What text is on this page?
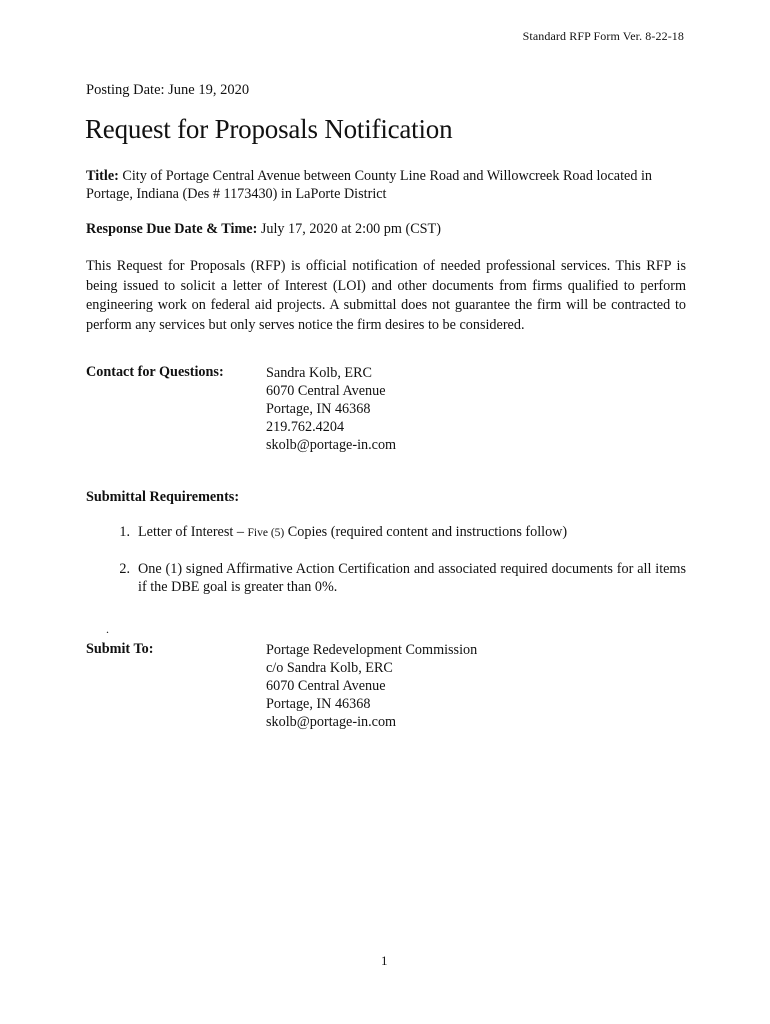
Standard RFP Form Ver. 8-22-18
Posting Date: June 19, 2020
Request for Proposals Notification
Title: City of Portage Central Avenue between County Line Road and Willowcreek Road located in Portage, Indiana (Des # 1173430) in LaPorte District
Response Due Date & Time: July 17, 2020 at 2:00 pm (CST)
This Request for Proposals (RFP) is official notification of needed professional services. This RFP is being issued to solicit a letter of Interest (LOI) and other documents from firms qualified to perform engineering work on federal aid projects. A submittal does not guarantee the firm will be contracted to perform any services but only serves notice the firm desires to be considered.
Contact for Questions:	Sandra Kolb, ERC
6070 Central Avenue
Portage, IN 46368
219.762.4204
skolb@portage-in.com
Submittal Requirements:
1. Letter of Interest – Five (5) Copies (required content and instructions follow)
2. One (1) signed Affirmative Action Certification and associated required documents for all items if the DBE goal is greater than 0%.
.
Submit To:	Portage Redevelopment Commission
c/o Sandra Kolb, ERC
6070 Central Avenue
Portage, IN 46368
skolb@portage-in.com
1
